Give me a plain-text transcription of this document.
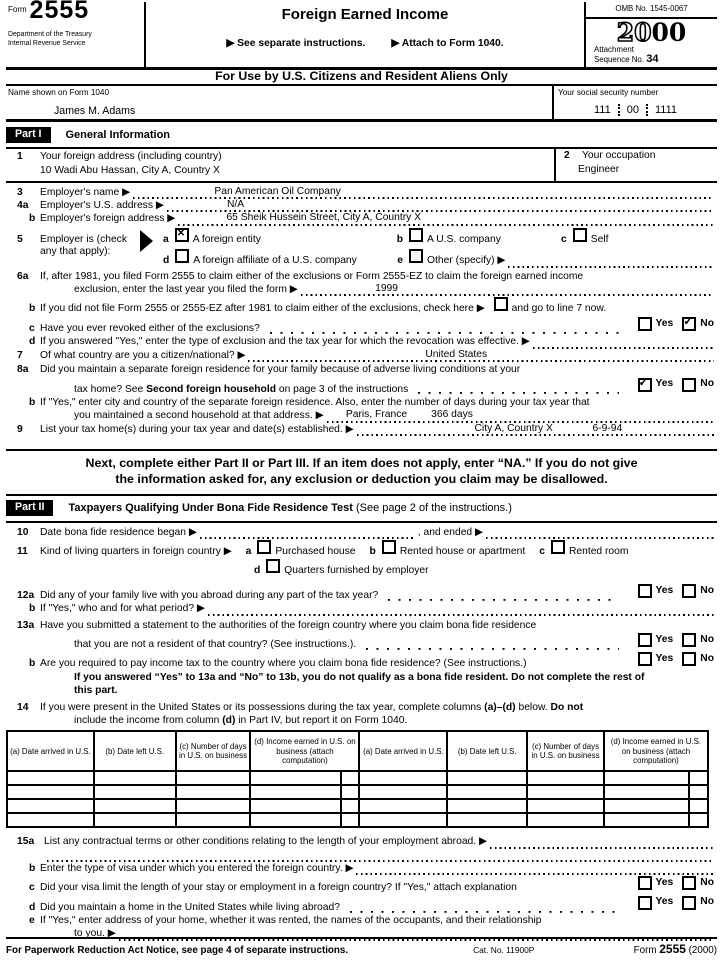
Form 2555
Department of the Treasury
Internal Revenue Service
Foreign Earned Income
▶ See separate instructions.	▶ Attach to Form 1040.
OMB No. 1545-0067
2000
Attachment
Sequence No. 34
For Use by U.S. Citizens and Resident Aliens Only
Name shown on Form 1040
James M. Adams
Your social security number
111	00	1111
Part I	General Information
1	Your foreign address (including country)
10 Wadi Abu Hassan, City A, Country X
2	Your occupation
Engineer
3	Employer's name ▶	Pan American Oil Company
4a	Employer's U.S. address ▶	N/A
b Employer's foreign address ▶	65 Sheik Hussein Street, City A, Country X
5	Employer is (check
any that apply):
a
✕
A foreign entity	b A U.S. company	c Self
d A foreign affiliate of a U.S. company	e Other (specify) ▶
6a	If, after 1981, you filed Form 2555 to claim either of the exclusions or Form 2555-EZ to claim the foreign earned income
exclusion, enter the last year you filed the form ▶	1999
b If you did not file Form 2555 or 2555-EZ after 1981 to claim either of the exclusions, check here ▶	and go to line 7 now.
c Have you ever revoked either of the exclusions?	Yes ✓ No
d If you answered "Yes," enter the type of exclusion and the tax year for which the revocation was effective. ▶
7	Of what country are you a citizen/national? ▶	United States
8a	Did you maintain a separate foreign residence for your family because of adverse living conditions at your
tax home? See Second foreign household on page 3 of the instructions
✓ Yes	No
b If "Yes," enter city and country of the separate foreign residence. Also, enter the number of days during your tax year that
you maintained a second household at that address. ▶ Paris, France 366 days
9	List your tax home(s) during your tax year and date(s) established. ▶	City A, Country X	6-9-94
Next, complete either Part II or Part III. If an item does not apply, enter “NA.” If you do not give
the information asked for, any exclusion or deduction you claim may be disallowed.
Part II	Taxpayers Qualifying Under Bona Fide Residence Test (See page 2 of the instructions.)
10	Date bona fide residence began ▶	, and ended ▶
11	Kind of living quarters in foreign country ▶ a Purchased house b Rented house or apartment c Rented room
d Quarters furnished by employer
12a Did any of your family live with you abroad during any part of the tax year?	Yes	No
b If "Yes," who and for what period? ▶
13a Have you submitted a statement to the authorities of the foreign country where you claim bona fide residence
that you are not a resident of that country? (See instructions.).	Yes	No
b Are you required to pay income tax to the country where you claim bona fide residence? (See instructions.)	Yes	No
If you answered “Yes” to 13a and “No” to 13b, you do not qualify as a bona fide resident. Do not complete the rest of
this part.
14	If you were present in the United States or its possessions during the tax year, complete columns (a)–(d) below. Do not
include the income from column (d) in Part IV, but report it on Form 1040.
(a) Date arrived in U.S.	(b) Date left U.S.	(c) Number of days in U.S. on business	(d) Income earned in U.S. on business (attach computation)		(a) Date arrived in U.S.	(b) Date left U.S.	(c) Number of days in U.S. on business	(d) Income earned in U.S. on business (attach computation)	

15a List any contractual terms or other conditions relating to the length of your employment abroad. ▶
b Enter the type of visa under which you entered the foreign country. ▶
c Did your visa limit the length of your stay or employment in a foreign country? If "Yes," attach explanation	Yes	No
d Did you maintain a home in the United States while living abroad?	Yes	No
e If "Yes," enter address of your home, whether it was rented, the names of the occupants, and their relationship
to you. ▶
For Paperwork Reduction Act Notice, see page 4 of separate instructions.	Cat. No. 11900P	Form 2555 (2000)
